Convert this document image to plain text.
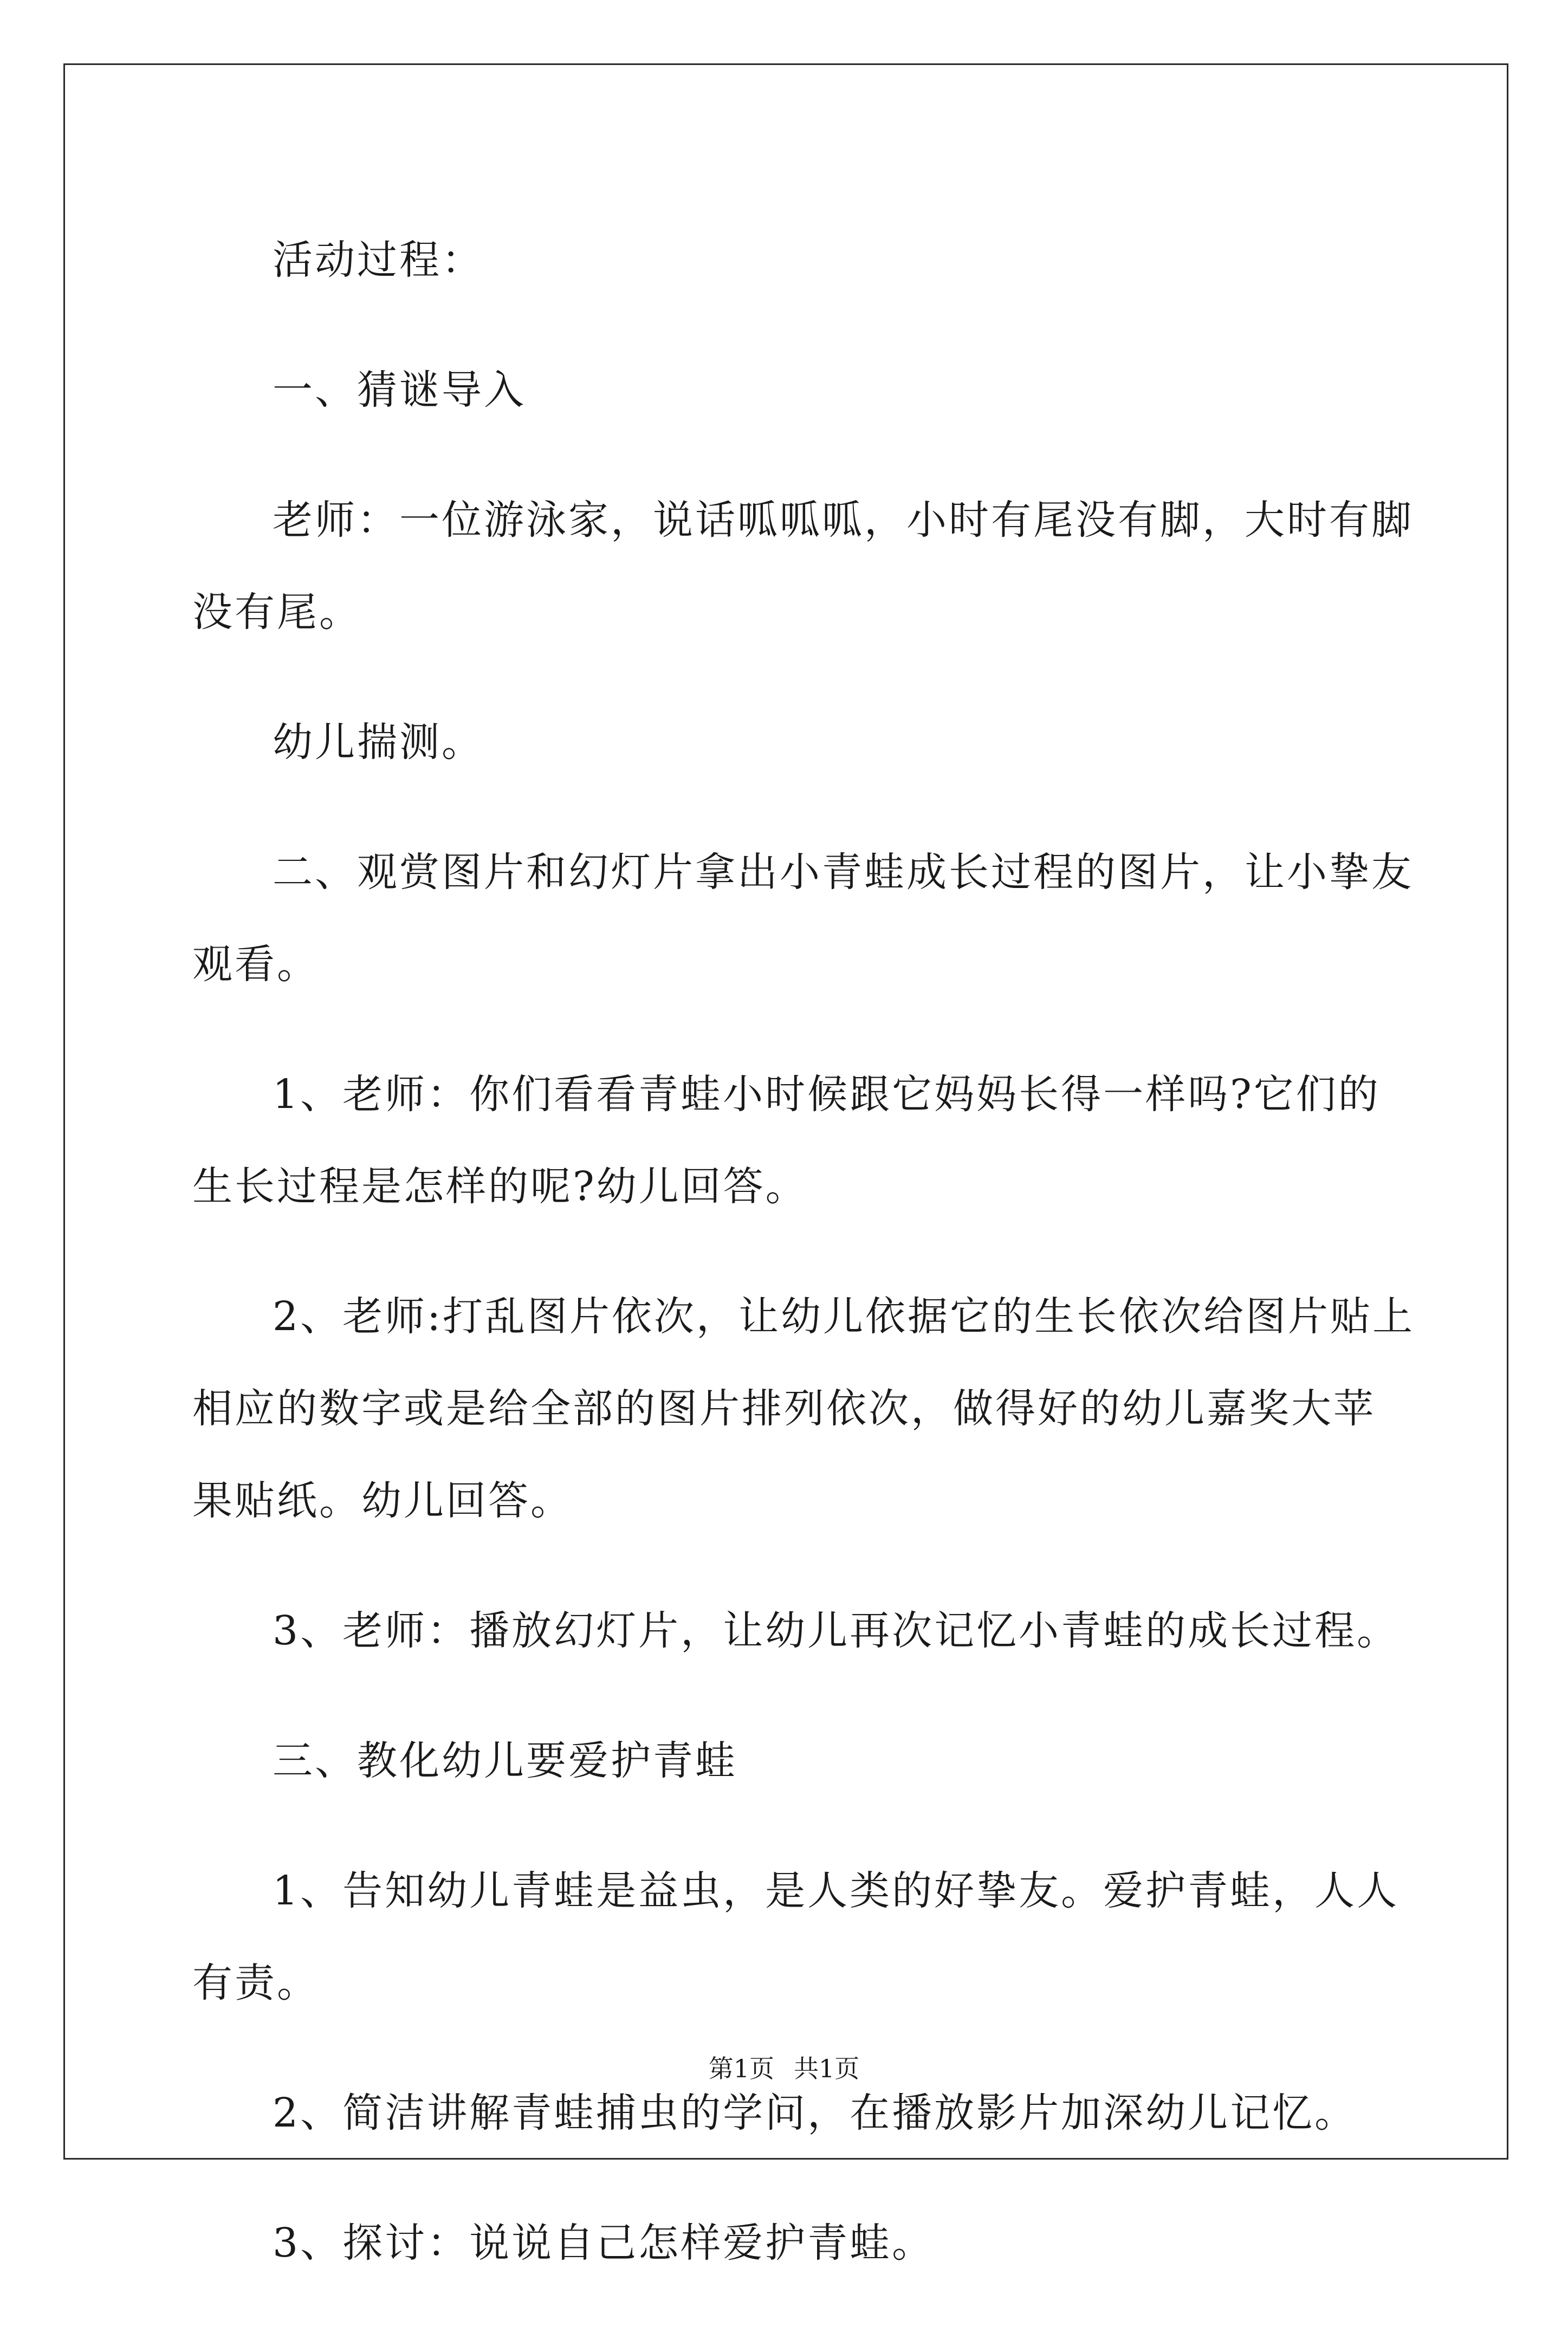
活动过程：

一、猜谜导入

老师：一位游泳家，说话呱呱呱，小时有尾没有脚，大时有脚没有尾。

幼儿揣测。

二、观赏图片和幻灯片拿出小青蛙成长过程的图片，让小挚友观看。

1、老师：你们看看青蛙小时候跟它妈妈长得一样吗?它们的生长过程是怎样的呢?幼儿回答。

2、老师:打乱图片依次，让幼儿依据它的生长依次给图片贴上相应的数字或是给全部的图片排列依次，做得好的幼儿嘉奖大苹果贴纸。幼儿回答。

3、老师：播放幻灯片，让幼儿再次记忆小青蛙的成长过程。

三、教化幼儿要爱护青蛙

1、告知幼儿青蛙是益虫，是人类的好挚友。爱护青蛙，人人有责。

2、简洁讲解青蛙捕虫的学问，在播放影片加深幼儿记忆。

3、探讨：说说自己怎样爱护青蛙。

第1页 共1页
